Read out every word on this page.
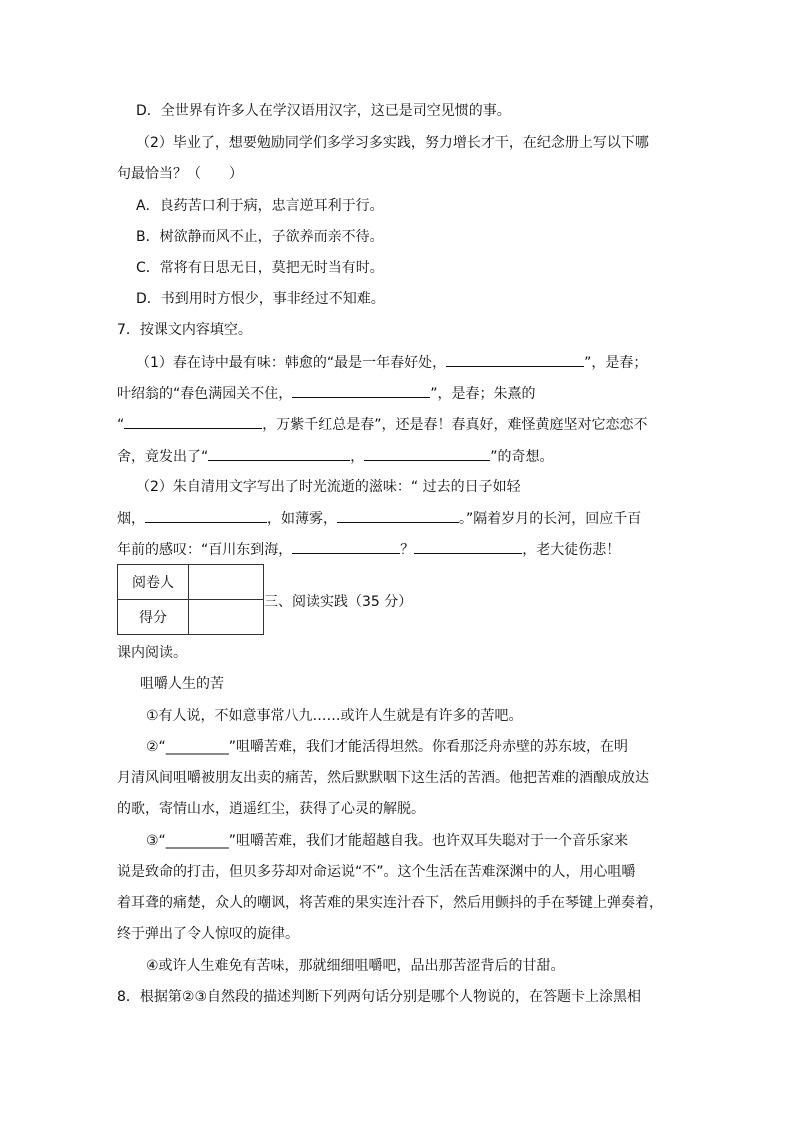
D．全世界有许多人在学汉语用汉字，这已是司空见惯的事。
（2）毕业了，想要勉励同学们多学习多实践，努力增长才干，在纪念册上写以下哪
句最恰当？（　　）
A．良药苦口利于病，忠言逆耳利于行。
B．树欲静而风不止，子欲养而亲不待。
C．常将有日思无日，莫把无时当有时。
D．书到用时方恨少，事非经过不知难。
7．按课文内容填空。
（1）春在诗中最有味：韩愈的“最是一年春好处，	”，是春；
叶绍翁的“春色满园关不住，	”，是春；朱熹的
“	，万紫千红总是春”，还是春！春真好，难怪黄庭坚对它恋恋不
舍，竟发出了“	，	”的奇想。
（2）朱自清用文字写出了时光流逝的滋味：“ 过去的日子如轻
烟，	，如薄雾，	。”隔着岁月的长河，回应千百
年前的感叹：“百川东到海，	？	，老大徒伤悲！
阅卷人	
得分	
三、阅读实践（35 分）
课内阅读。
咀嚼人生的苦
①有人说，不如意事常八九……或许人生就是有许多的苦吧。
②“_________”咀嚼苦难，我们才能活得坦然。你看那泛舟赤壁的苏东坡，在明
月清风间咀嚼被朋友出卖的痛苦，然后默默咽下这生活的苦酒。他把苦难的酒酿成放达
的歌，寄情山水，逍遥红尘，获得了心灵的解脱。
③“_________”咀嚼苦难，我们才能超越自我。也许双耳失聪对于一个音乐家来
说是致命的打击，但贝多芬却对命运说“不”。这个生活在苦难深渊中的人，用心咀嚼
着耳聋的痛楚，众人的嘲讽，将苦难的果实连汁吞下，然后用颤抖的手在琴键上弹奏着，
终于弹出了令人惊叹的旋律。
④或许人生难免有苦味，那就细细咀嚼吧，品出那苦涩背后的甘甜。
8．根据第②③自然段的描述判断下列两句话分别是哪个人物说的，在答题卡上涂黑相
